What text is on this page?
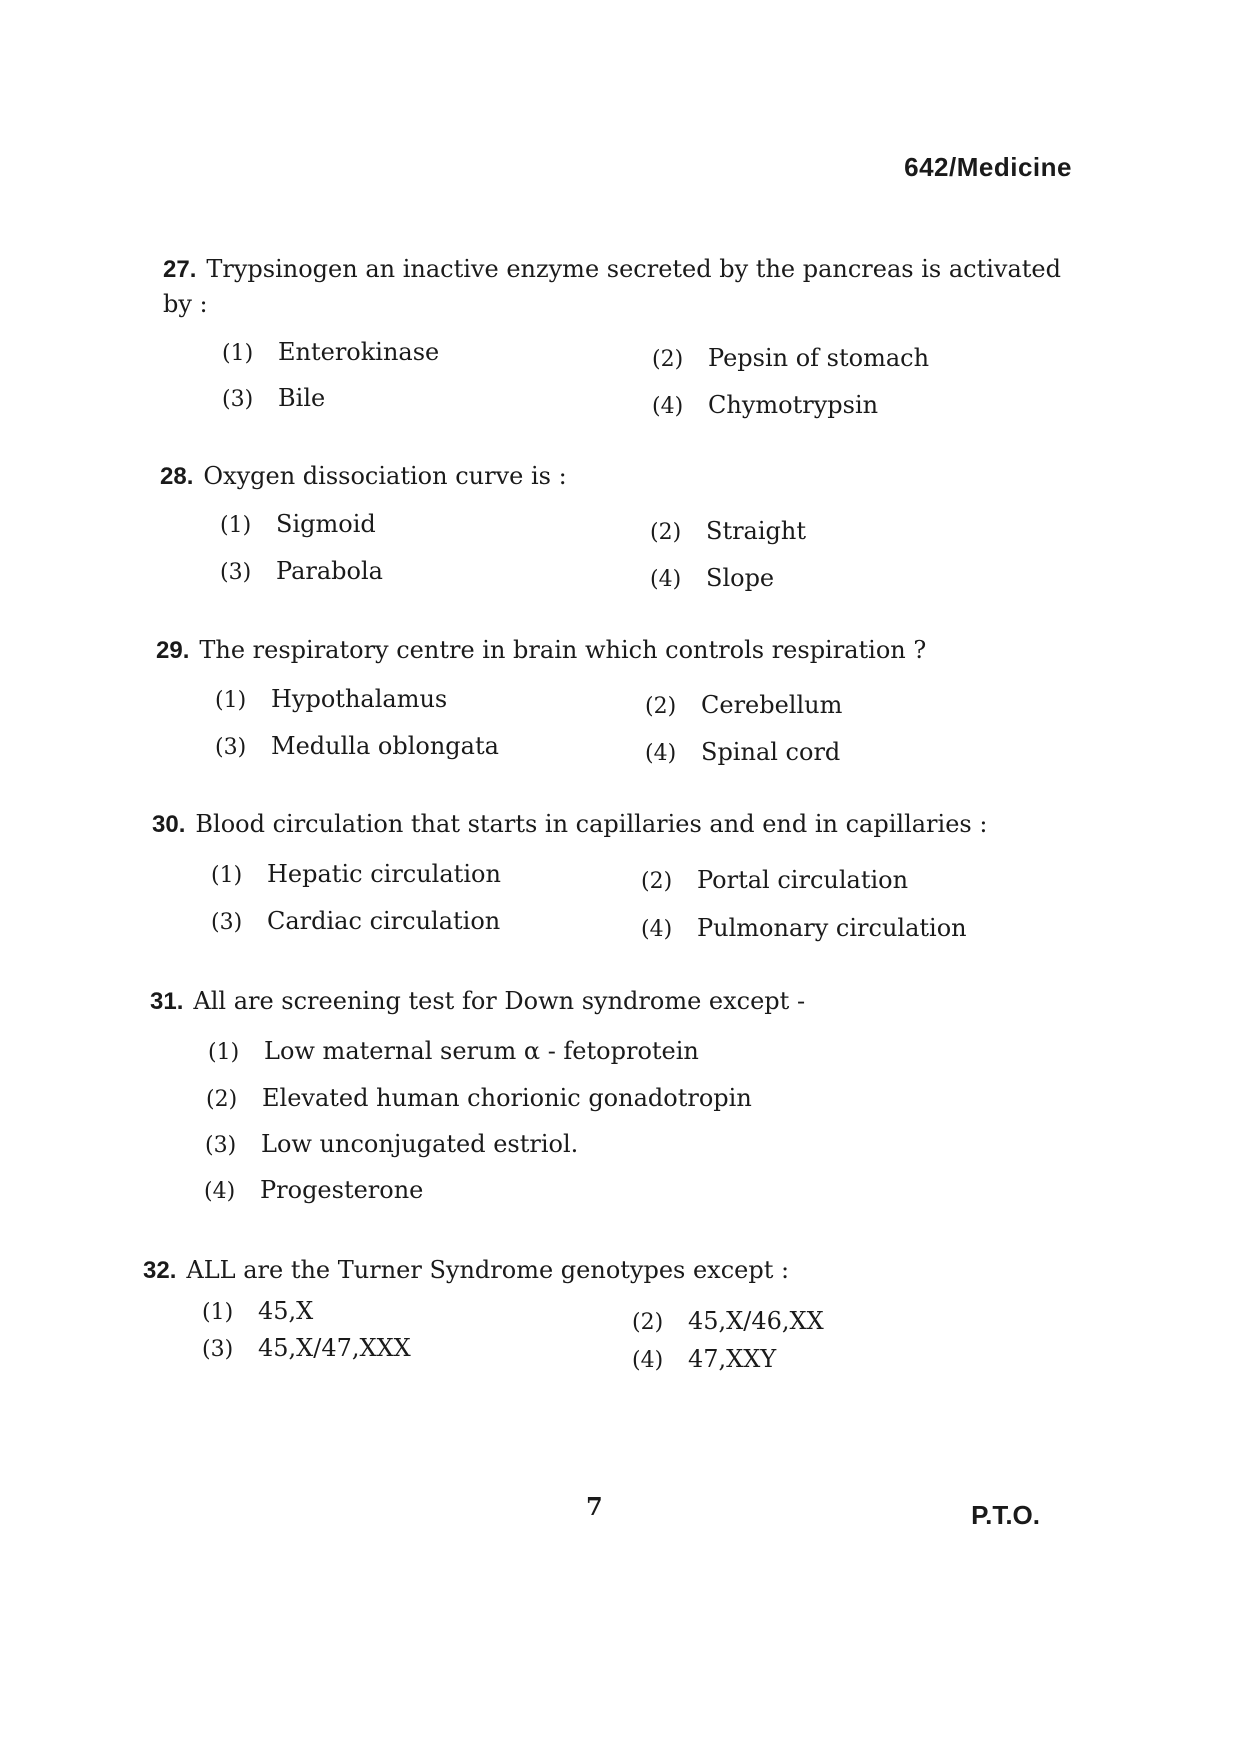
642/Medicine
27. Trypsinogen an inactive enzyme secreted by the pancreas is activated by :
(1) Enterokinase	(2) Pepsin of stomach
(3) Bile	(4) Chymotrypsin
28. Oxygen dissociation curve is :
(1) Sigmoid	(2) Straight
(3) Parabola	(4) Slope
29. The respiratory centre in brain which controls respiration ?
(1) Hypothalamus	(2) Cerebellum
(3) Medulla oblongata	(4) Spinal cord
30. Blood circulation that starts in capillaries and end in capillaries :
(1) Hepatic circulation	(2) Portal circulation
(3) Cardiac circulation	(4) Pulmonary circulation
31. All are screening test for Down syndrome except -
(1) Low maternal serum α - fetoprotein
(2) Elevated human chorionic gonadotropin
(3) Low unconjugated estriol.
(4) Progesterone
32. ALL are the Turner Syndrome genotypes except :
(1) 45,X	(2) 45,X/46,XX
(3) 45,X/47,XXX	(4) 47,XXY
7	P.T.O.
